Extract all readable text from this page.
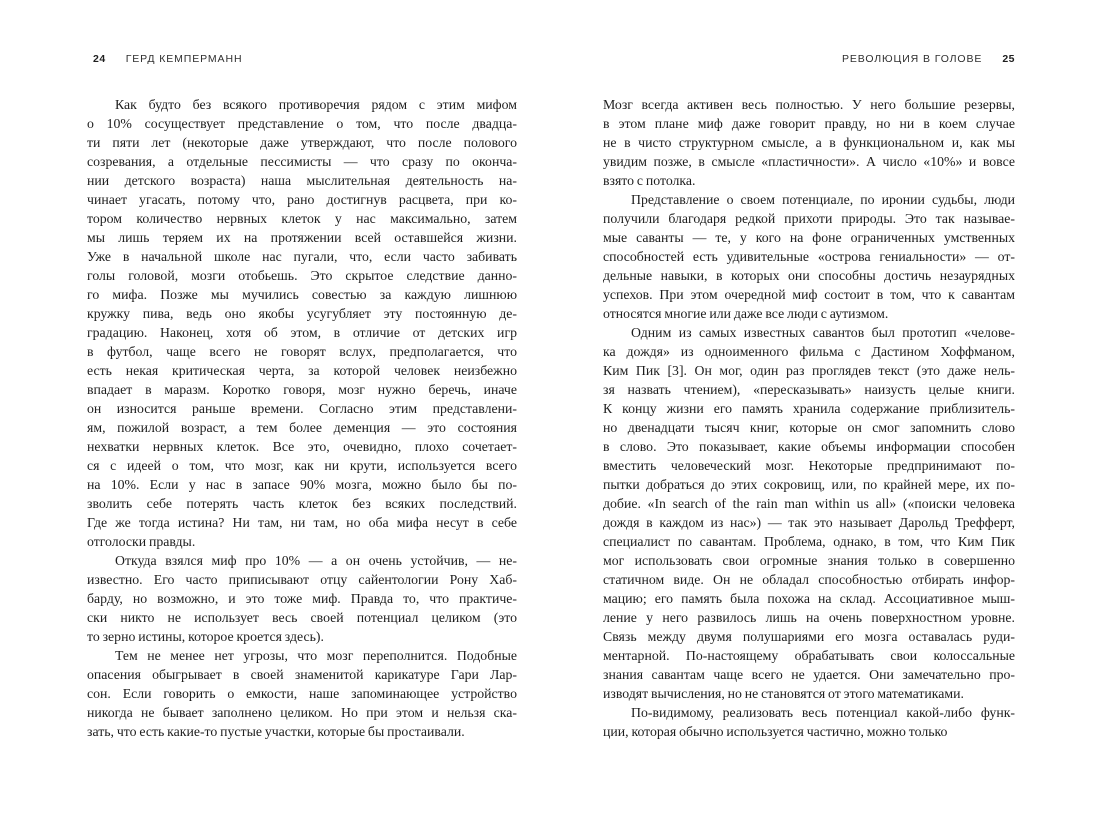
24 ГЕРД КЕМПЕРМАНН
Как будто без всякого противоречия рядом с этим мифом
о 10% сосуществует представление о том, что после двадца-
ти пяти лет (некоторые даже утверждают, что после полового
созревания, а отдельные пессимисты — что сразу по оконча-
нии детского возраста) наша мыслительная деятельность на-
чинает угасать, потому что, рано достигнув расцвета, при ко-
тором количество нервных клеток у нас максимально, затем
мы лишь теряем их на протяжении всей оставшейся жизни.
Уже в начальной школе нас пугали, что, если часто забивать
голы головой, мозги отобьешь. Это скрытое следствие данно-
го мифа. Позже мы мучились совестью за каждую лишнюю
кружку пива, ведь оно якобы усугубляет эту постоянную де-
градацию. Наконец, хотя об этом, в отличие от детских игр
в футбол, чаще всего не говорят вслух, предполагается, что
есть некая критическая черта, за которой человек неизбежно
впадает в маразм. Коротко говоря, мозг нужно беречь, иначе
он износится раньше времени. Согласно этим представлени-
ям, пожилой возраст, а тем более деменция — это состояния
нехватки нервных клеток. Все это, очевидно, плохо сочетает-
ся с идеей о том, что мозг, как ни крути, используется всего
на 10%. Если у нас в запасе 90% мозга, можно было бы по-
зволить себе потерять часть клеток без всяких последствий.
Где же тогда истина? Ни там, ни там, но оба мифа несут в себе
отголоски правды.
Откуда взялся миф про 10% — а он очень устойчив, — не-
известно. Его часто приписывают отцу сайентологии Рону Хаб-
барду, но возможно, и это тоже миф. Правда то, что практиче-
ски никто не использует весь своей потенциал целиком (это
то зерно истины, которое кроется здесь).
Тем не менее нет угрозы, что мозг переполнится. Подобные
опасения обыгрывает в своей знаменитой карикатуре Гари Лар-
сон. Если говорить о емкости, наше запоминающее устройство
никогда не бывает заполнено целиком. Но при этом и нельзя ска-
зать, что есть какие-то пустые участки, которые бы простаивали.
РЕВОЛЮЦИЯ В ГОЛОВЕ 25
Мозг всегда активен весь полностью. У него большие резервы,
в этом плане миф даже говорит правду, но ни в коем случае
не в чисто структурном смысле, а в функциональном и, как мы
увидим позже, в смысле «пластичности». А число «10%» и вовсе
взято с потолка.
Представление о своем потенциале, по иронии судьбы, люди
получили благодаря редкой прихоти природы. Это так называе-
мые саванты — те, у кого на фоне ограниченных умственных
способностей есть удивительные «острова гениальности» — от-
дельные навыки, в которых они способны достичь незаурядных
успехов. При этом очередной миф состоит в том, что к савантам
относятся многие или даже все люди с аутизмом.
Одним из самых известных савантов был прототип «челове-
ка дождя» из одноименного фильма с Дастином Хоффманом,
Ким Пик [3]. Он мог, один раз проглядев текст (это даже нель-
зя назвать чтением), «пересказывать» наизусть целые книги.
К концу жизни его память хранила содержание приблизитель-
но двенадцати тысяч книг, которые он смог запомнить слово
в слово. Это показывает, какие объемы информации способен
вместить человеческий мозг. Некоторые предпринимают по-
пытки добраться до этих сокровищ, или, по крайней мере, их по-
добие. «In search of the rain man within us all» («поиски человека
дождя в каждом из нас») — так это называет Дарольд Трефферт,
специалист по савантам. Проблема, однако, в том, что Ким Пик
мог использовать свои огромные знания только в совершенно
статичном виде. Он не обладал способностью отбирать инфор-
мацию; его память была похожа на склад. Ассоциативное мыш-
ление у него развилось лишь на очень поверхностном уровне.
Связь между двумя полушариями его мозга оставалась руди-
ментарной. По-настоящему обрабатывать свои колоссальные
знания савантам чаще всего не удается. Они замечательно про-
изводят вычисления, но не становятся от этого математиками.
По-видимому, реализовать весь потенциал какой-либо функ-
ции, которая обычно используется частично, можно только
